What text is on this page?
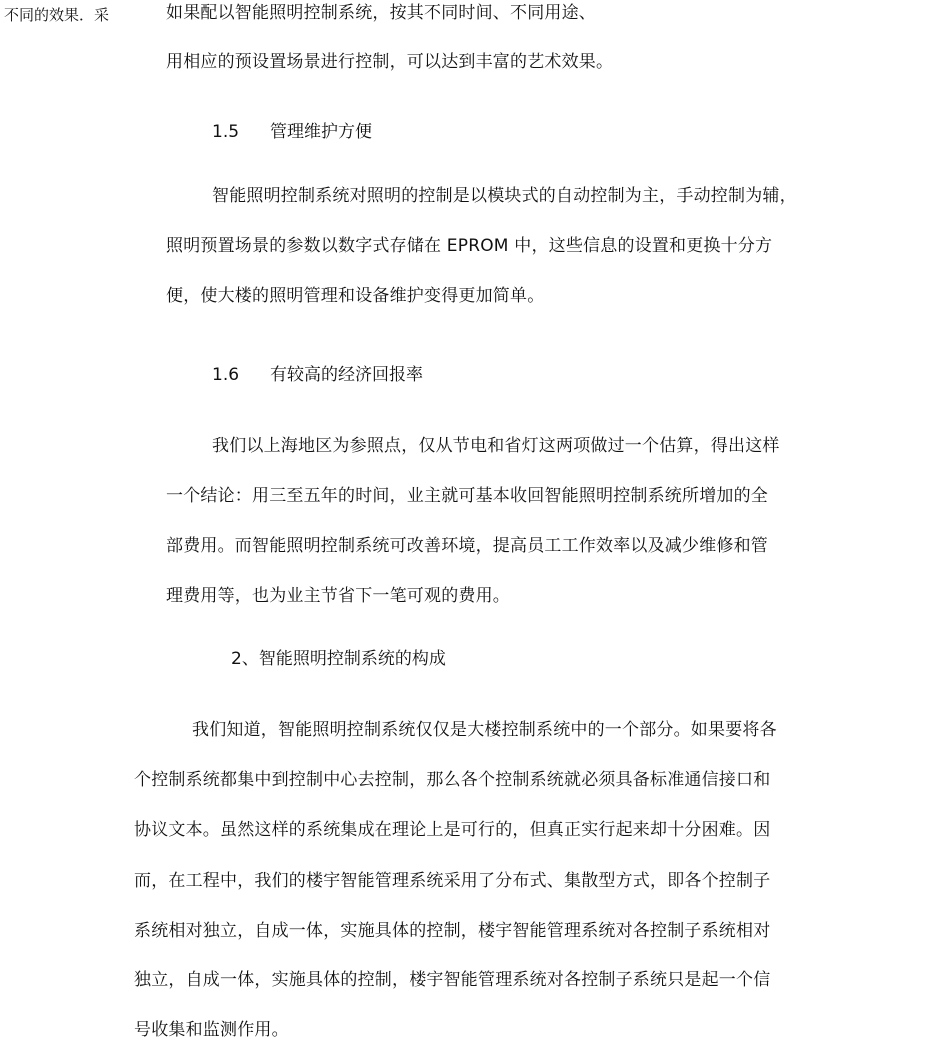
不同的效果．采	如果配以智能照明控制系统，按其不同时间、不同用途、
用相应的预设置场景进行控制，可以达到丰富的艺术效果。
1.5 管理维护方便
智能照明控制系统对照明的控制是以模块式的自动控制为主，手动控制为辅，
照明预置场景的参数以数字式存储在 EPROM 中，这些信息的设置和更换十分方
便，使大楼的照明管理和设备维护变得更加简单。
1.6 有较高的经济回报率
我们以上海地区为参照点，仅从节电和省灯这两项做过一个估算，得出这样
一个结论：用三至五年的时间，业主就可基本收回智能照明控制系统所增加的全
部费用。而智能照明控制系统可改善环境，提高员工工作效率以及减少维修和管
理费用等，也为业主节省下一笔可观的费用。
2、智能照明控制系统的构成
我们知道，智能照明控制系统仅仅是大楼控制系统中的一个部分。如果要将各
个控制系统都集中到控制中心去控制，那么各个控制系统就必须具备标准通信接口和
协议文本。虽然这样的系统集成在理论上是可行的，但真正实行起来却十分困难。因
而，在工程中，我们的楼宇智能管理系统采用了分布式、集散型方式，即各个控制子
系统相对独立，自成一体，实施具体的控制，楼宇智能管理系统对各控制子系统相对
独立，自成一体，实施具体的控制，楼宇智能管理系统对各控制子系统只是起一个信
号收集和监测作用。
